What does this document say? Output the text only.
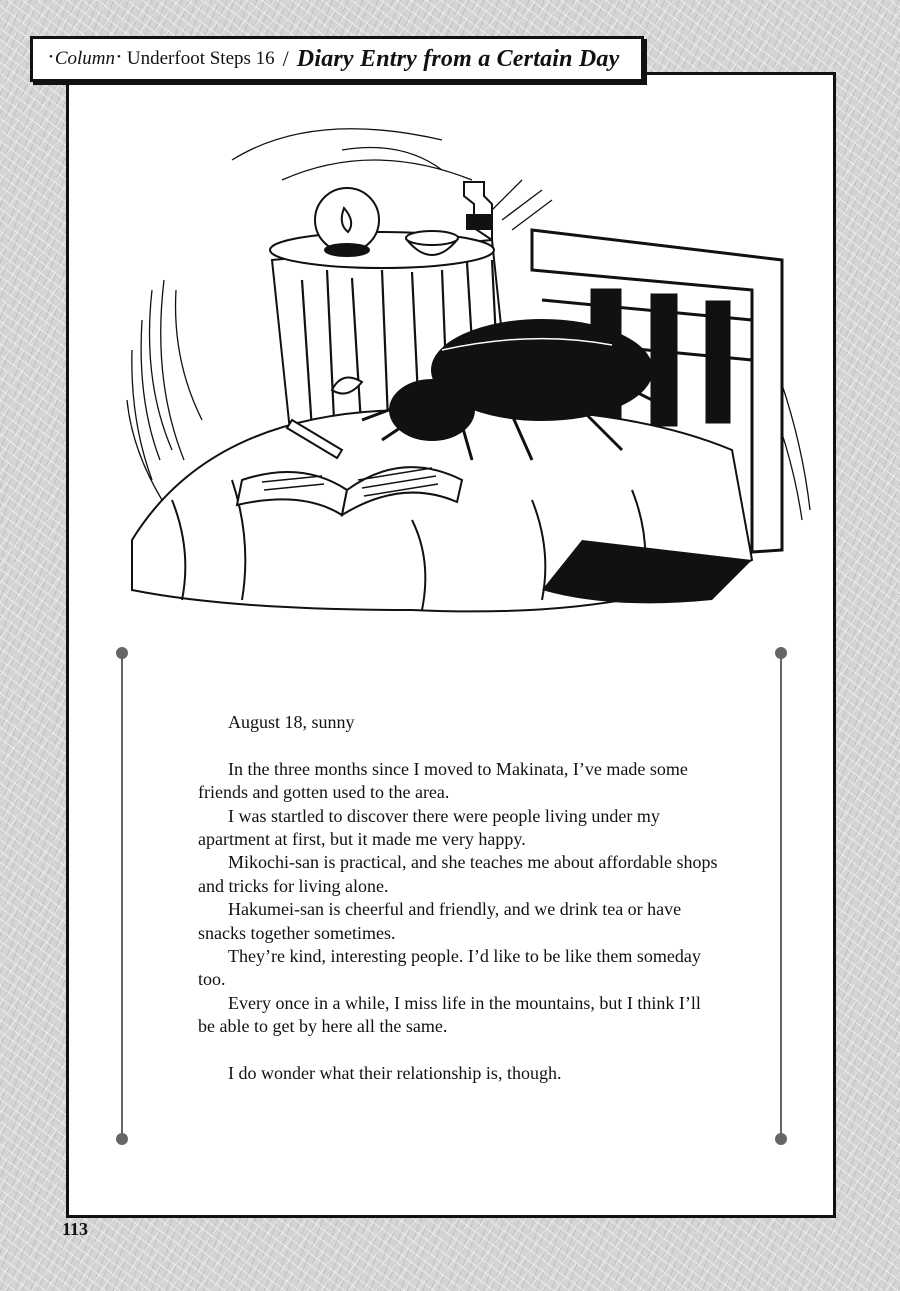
• Column • Underfoot Steps 16 / Diary Entry from a Certain Day

August 18, sunny

In the three months since I moved to Makinata, I’ve made some friends and gotten used to the area.

I was startled to discover there were people living under my apartment at first, but it made me very happy.

Mikochi-san is practical, and she teaches me about affordable shops and tricks for living alone.

Hakumei-san is cheerful and friendly, and we drink tea or have snacks together sometimes.

They’re kind, interesting people. I’d like to be like them someday too.

Every once in a while, I miss life in the mountains, but I think I’ll be able to get by here all the same.

I do wonder what their relationship is, though.

113
